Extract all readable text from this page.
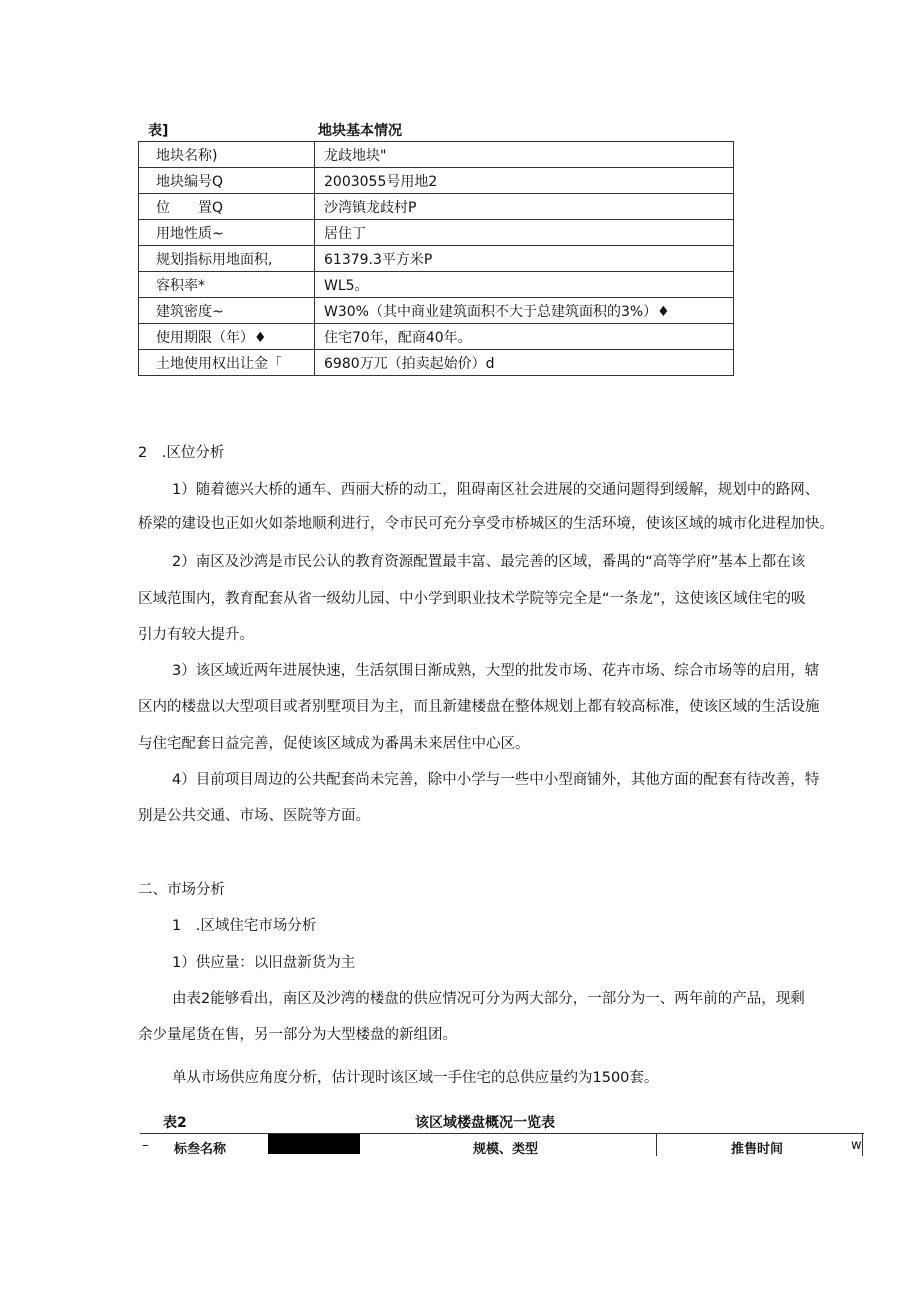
表]	地块基本情况
地块名称)	龙歧地块"
地块编号Q	2003055号用地2
位　　置Q	沙湾镇龙歧村P
用地性质~	居住丁
规划指标用地面积,	61379.3平方米P
容积率*	WL5。
建筑密度~	W30%（其中商业建筑面积不大于总建筑面积的3%）♦
使用期限（年）♦	住宅70年，配商40年。
土地使用权出让金「	6980万兀（拍卖起始价）d
2　.区位分析
1）随着德兴大桥的通车、西丽大桥的动工，阻碍南区社会进展的交通问题得到缓解，规划中的路网、
桥梁的建设也正如火如荼地顺利进行，令市民可充分享受市桥城区的生活环境，使该区域的城市化进程加快。
2）南区及沙湾是市民公认的教育资源配置最丰富、最完善的区域，番禺的“高等学府”基本上都在该
区域范围内，教育配套从省一级幼儿园、中小学到职业技术学院等完全是“一条龙”，这使该区域住宅的吸
引力有较大提升。
3）该区域近两年进展快速，生活氛围日渐成熟，大型的批发市场、花卉市场、综合市场等的启用，辖
区内的楼盘以大型项目或者别墅项目为主，而且新建楼盘在整体规划上都有较高标准，使该区域的生活设施
与住宅配套日益完善，促使该区域成为番禺未来居住中心区。
4）目前项目周边的公共配套尚未完善，除中小学与一些中小型商铺外，其他方面的配套有待改善，特
别是公共交通、市场、医院等方面。
二、市场分析
1　.区域住宅市场分析
1）供应量：以旧盘新货为主
由表2能够看出，南区及沙湾的楼盘的供应情况可分为两大部分，一部分为一、两年前的产品，现剩
余少量尾货在售，另一部分为大型楼盘的新组团。
单从市场供应角度分析，估计现时该区域一手住宅的总供应量约为1500套。
表2	该区域楼盘概况一览表
– 标叁名称	规模、类型	推售时间	w
